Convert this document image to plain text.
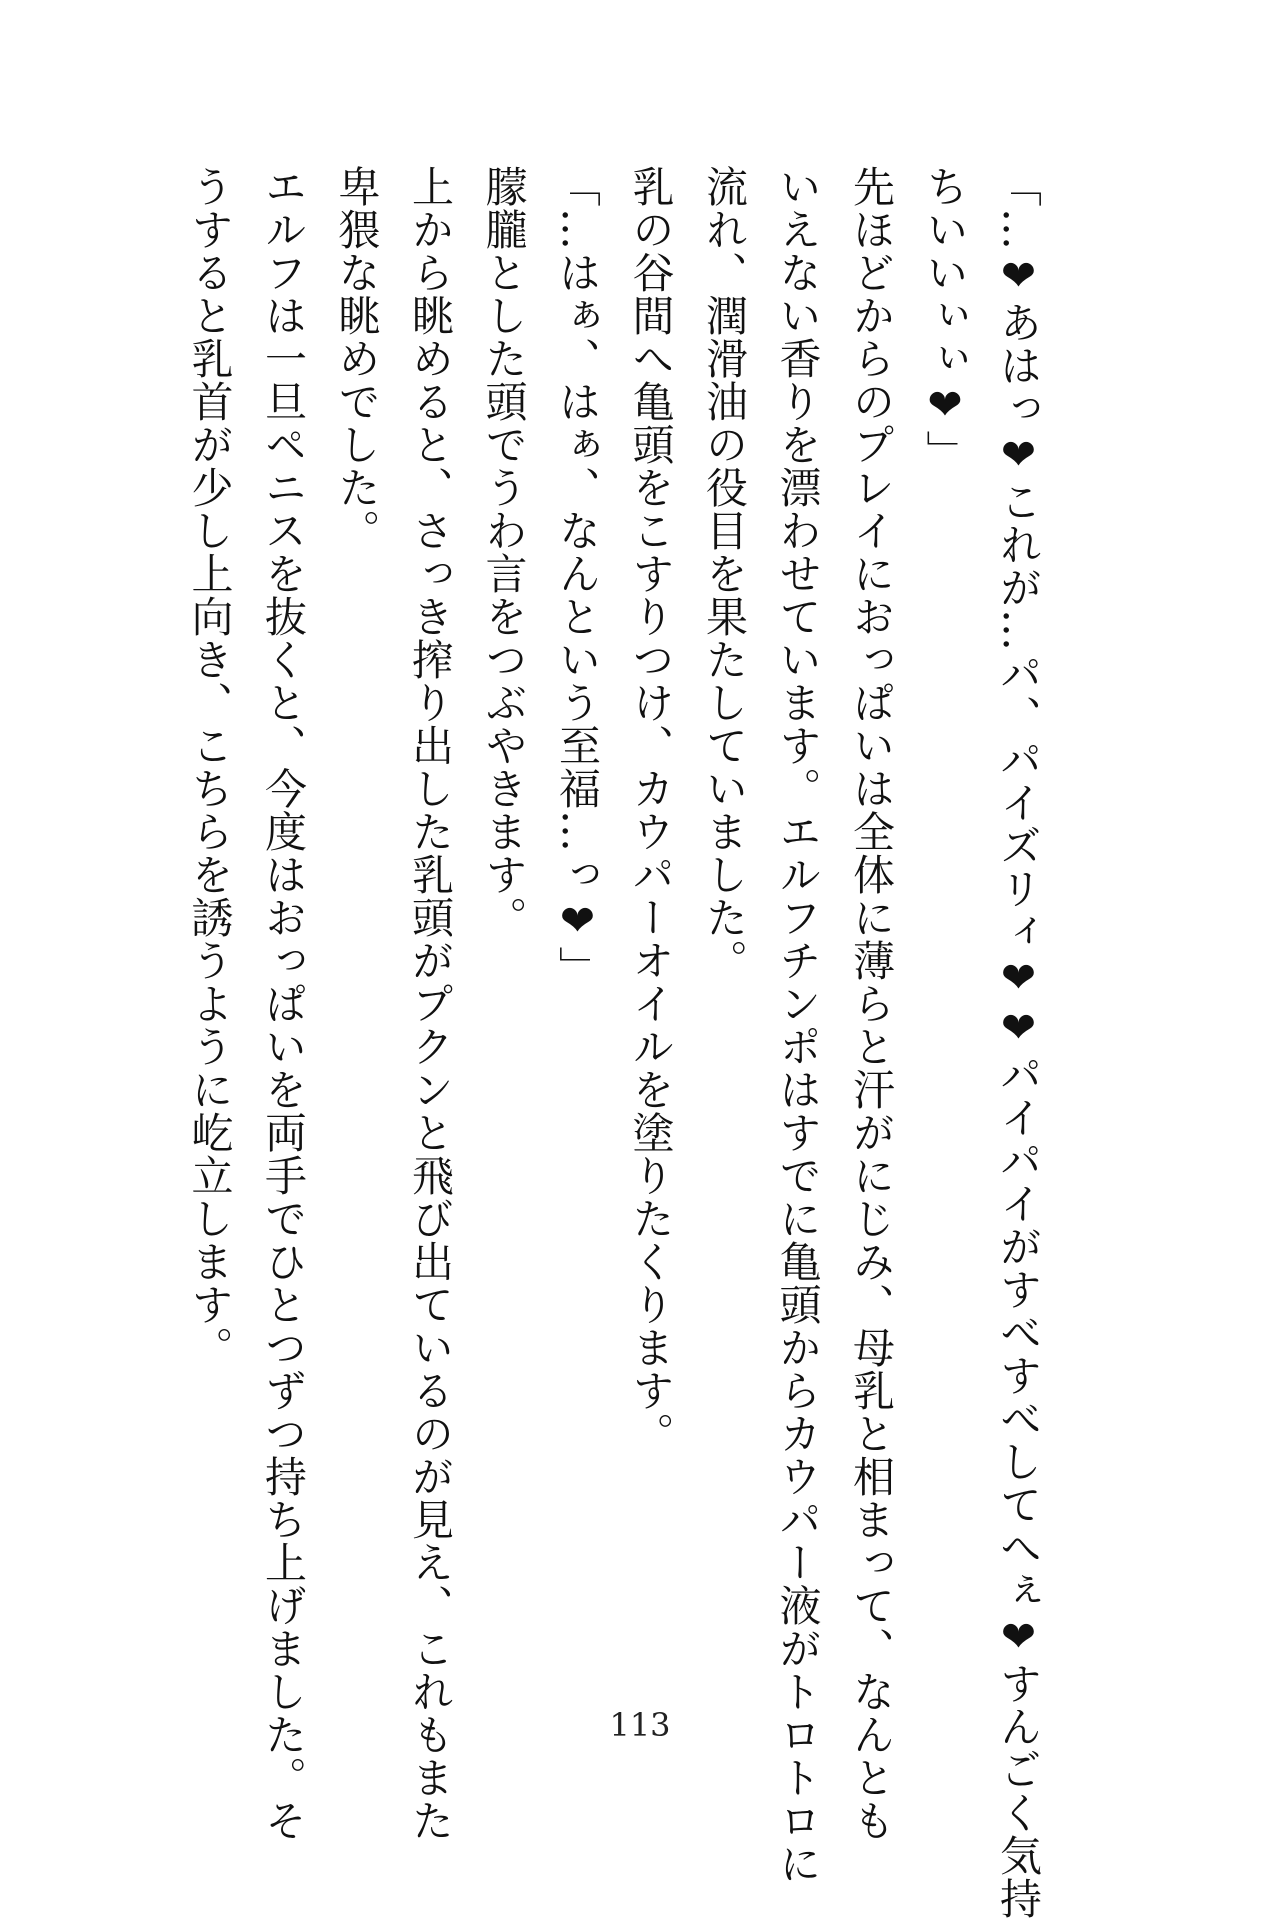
「…❤あはっ❤これが…パ、パイズリィ❤❤パイパイがすべすべしてへぇ❤すんごく気持
ちいいぃぃ❤」
先ほどからのプレイにおっぱいは全体に薄らと汗がにじみ、母乳と相まって、なんとも
いえない香りを漂わせています。エルフチンポはすでに亀頭からカウパー液がトロトロに
流れ、潤滑油の役目を果たしていました。
乳の谷間へ亀頭をこすりつけ、カウパーオイルを塗りたくります。
「…はぁ、はぁ、なんという至福…っ❤」
朦朧とした頭でうわ言をつぶやきます。
上から眺めると、さっき搾り出した乳頭がプクンと飛び出ているのが見え、これもまた
卑猥な眺めでした。
エルフは一旦ペニスを抜くと、今度はおっぱいを両手でひとつずつ持ち上げました。そ
うすると乳首が少し上向き、こちらを誘うように屹立します。
113
